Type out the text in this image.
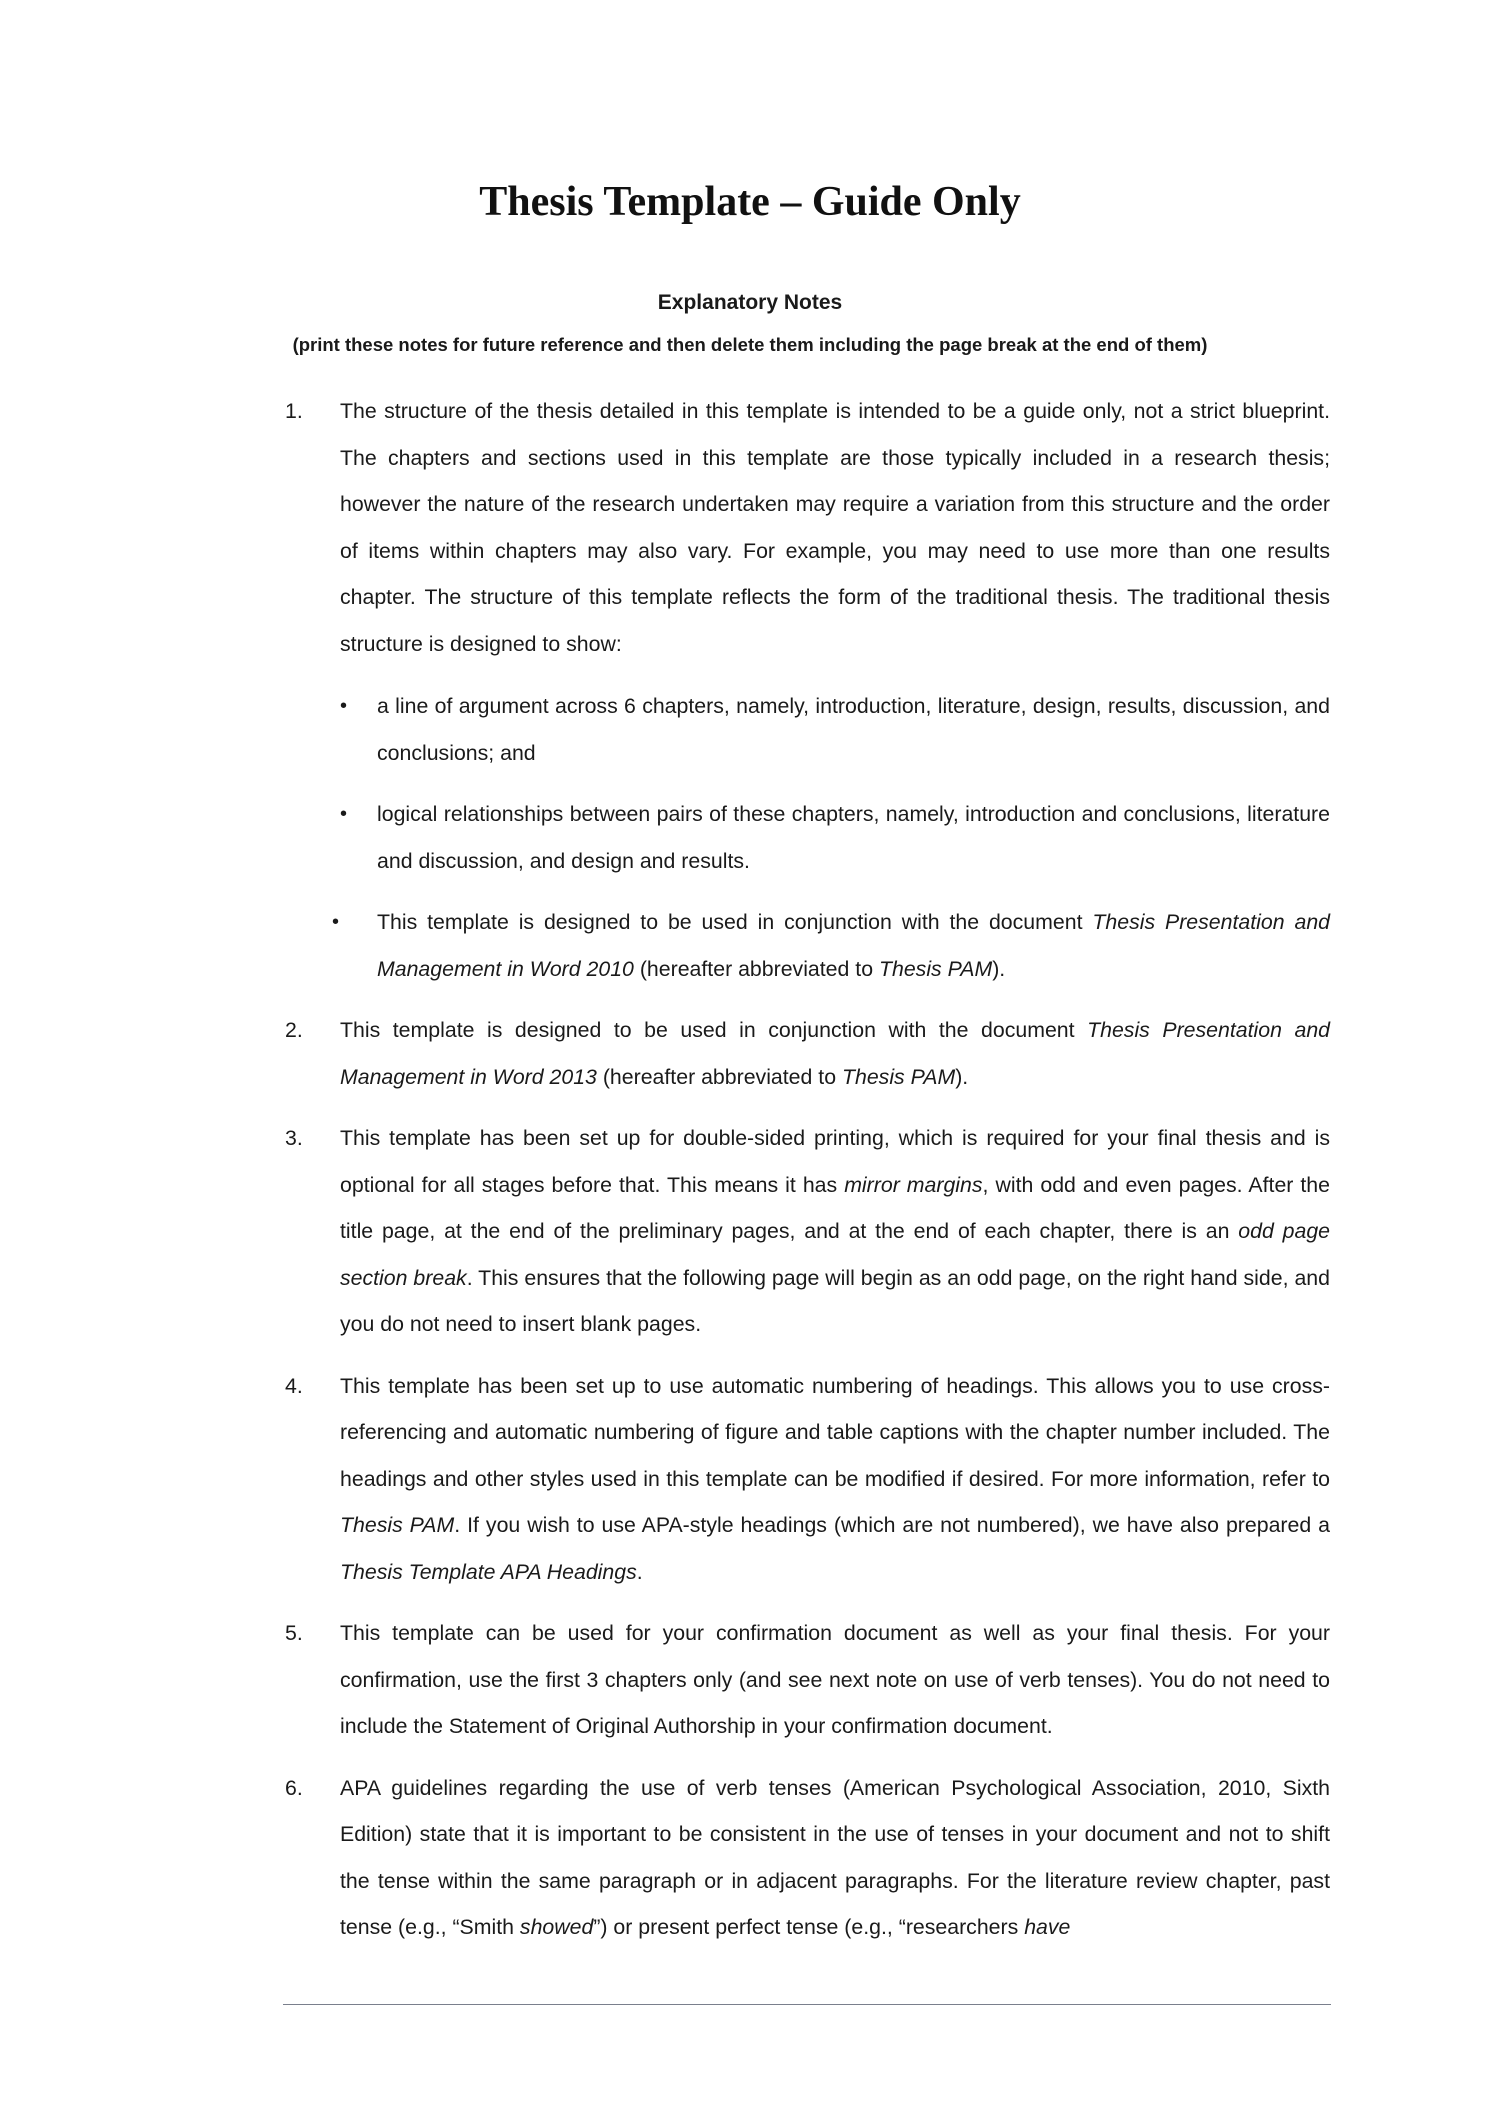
Thesis Template – Guide Only
Explanatory Notes
(print these notes for future reference and then delete them including the page break at the end of them)
1. The structure of the thesis detailed in this template is intended to be a guide only, not a strict blueprint. The chapters and sections used in this template are those typically included in a research thesis; however the nature of the research undertaken may require a variation from this structure and the order of items within chapters may also vary. For example, you may need to use more than one results chapter. The structure of this template reflects the form of the traditional thesis. The traditional thesis structure is designed to show:
•	a line of argument across 6 chapters, namely, introduction, literature, design, results, discussion, and conclusions; and
•	logical relationships between pairs of these chapters, namely, introduction and conclusions, literature and discussion, and design and results.
•	This template is designed to be used in conjunction with the document Thesis Presentation and Management in Word 2010 (hereafter abbreviated to Thesis PAM).
2. This template is designed to be used in conjunction with the document Thesis Presentation and Management in Word 2013 (hereafter abbreviated to Thesis PAM).
3. This template has been set up for double-sided printing, which is required for your final thesis and is optional for all stages before that. This means it has mirror margins, with odd and even pages. After the title page, at the end of the preliminary pages, and at the end of each chapter, there is an odd page section break. This ensures that the following page will begin as an odd page, on the right hand side, and you do not need to insert blank pages.
4. This template has been set up to use automatic numbering of headings. This allows you to use cross-referencing and automatic numbering of figure and table captions with the chapter number included. The headings and other styles used in this template can be modified if desired. For more information, refer to Thesis PAM. If you wish to use APA-style headings (which are not numbered), we have also prepared a Thesis Template APA Headings.
5. This template can be used for your confirmation document as well as your final thesis. For your confirmation, use the first 3 chapters only (and see next note on use of verb tenses). You do not need to include the Statement of Original Authorship in your confirmation document.
6. APA guidelines regarding the use of verb tenses (American Psychological Association, 2010, Sixth Edition) state that it is important to be consistent in the use of tenses in your document and not to shift the tense within the same paragraph or in adjacent paragraphs. For the literature review chapter, past tense (e.g., “Smith showed”) or present perfect tense (e.g., “researchers have
